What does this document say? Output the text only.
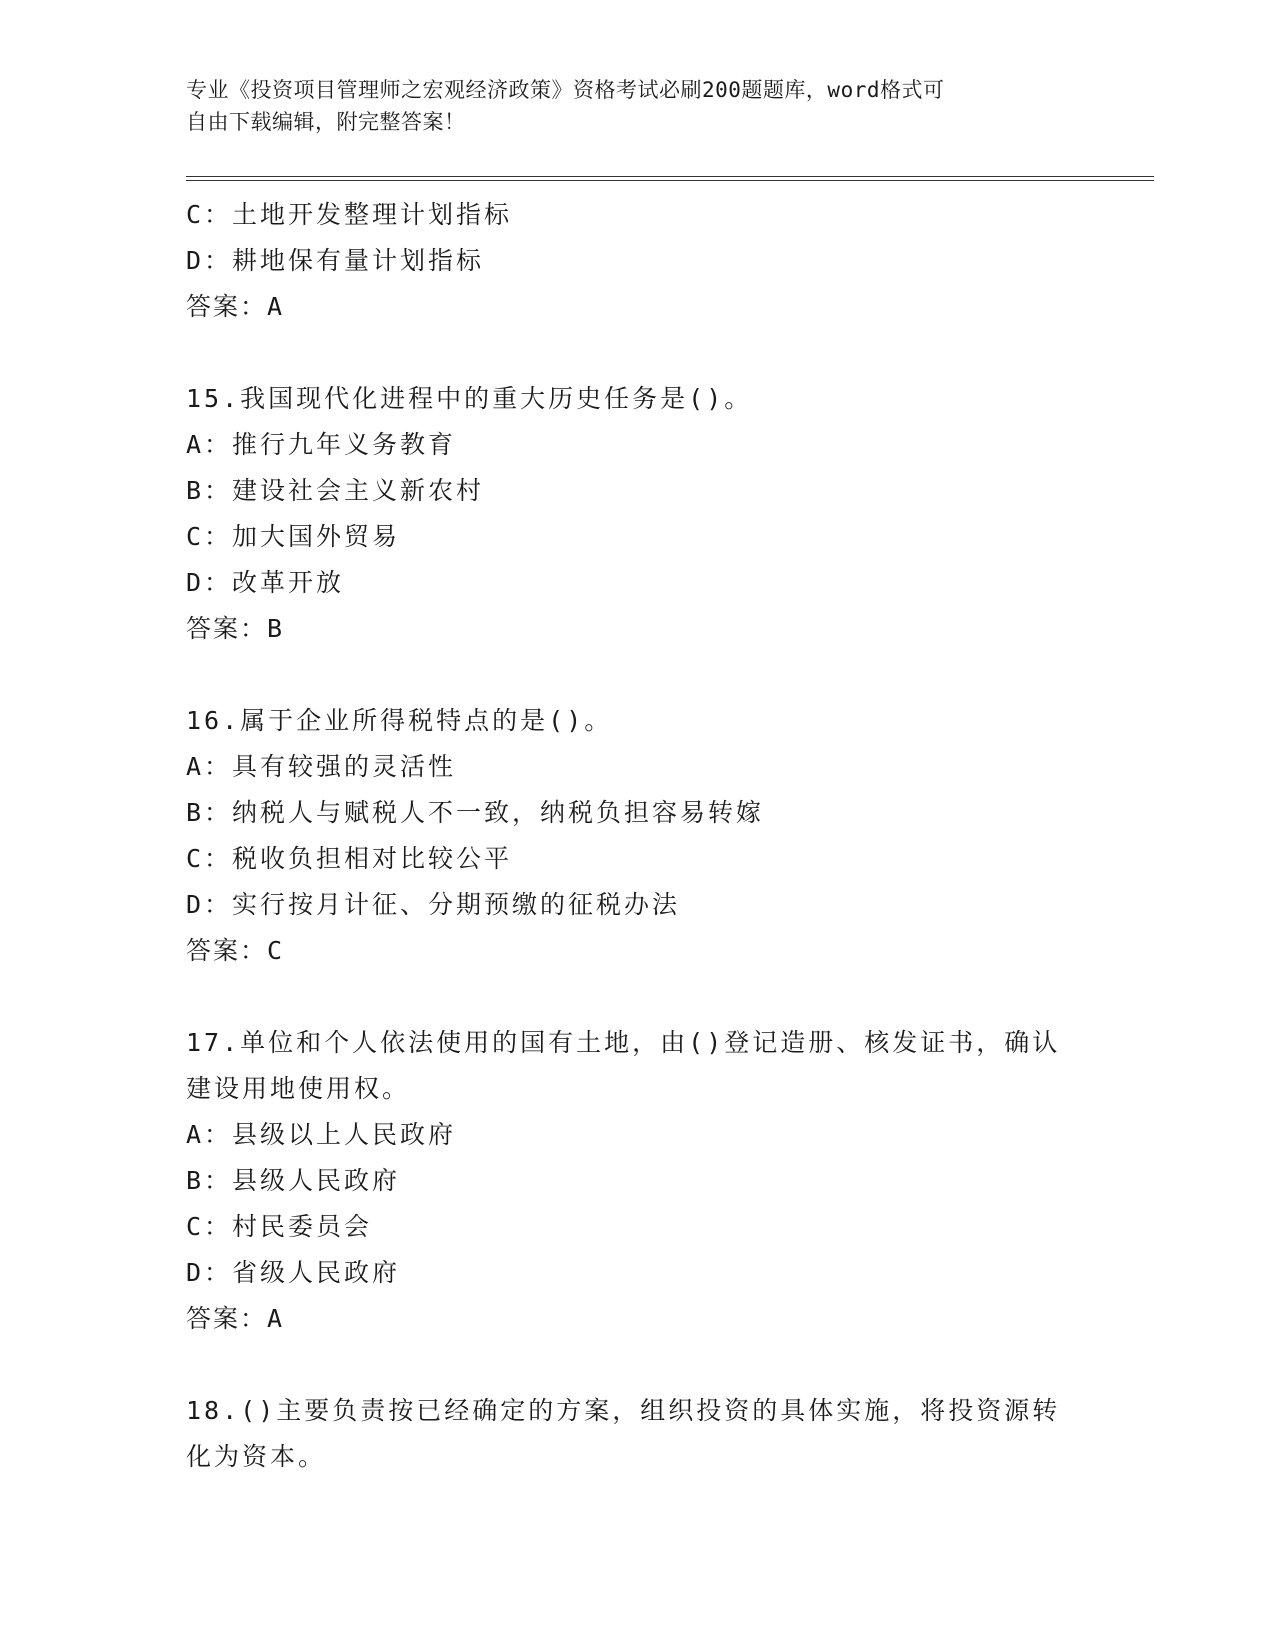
专业《投资项目管理师之宏观经济政策》资格考试必刷200题题库，word格式可
自由下载编辑，附完整答案！
C：土地开发整理计划指标
D：耕地保有量计划指标
答案：A
15.我国现代化进程中的重大历史任务是()。
A：推行九年义务教育
B：建设社会主义新农村
C：加大国外贸易
D：改革开放
答案：B
16.属于企业所得税特点的是()。
A：具有较强的灵活性
B：纳税人与赋税人不一致，纳税负担容易转嫁
C：税收负担相对比较公平
D：实行按月计征、分期预缴的征税办法
答案：C
17.单位和个人依法使用的国有土地，由()登记造册、核发证书，确认
建设用地使用权。
A：县级以上人民政府
B：县级人民政府
C：村民委员会
D：省级人民政府
答案：A
18.()主要负责按已经确定的方案，组织投资的具体实施，将投资源转
化为资本。
